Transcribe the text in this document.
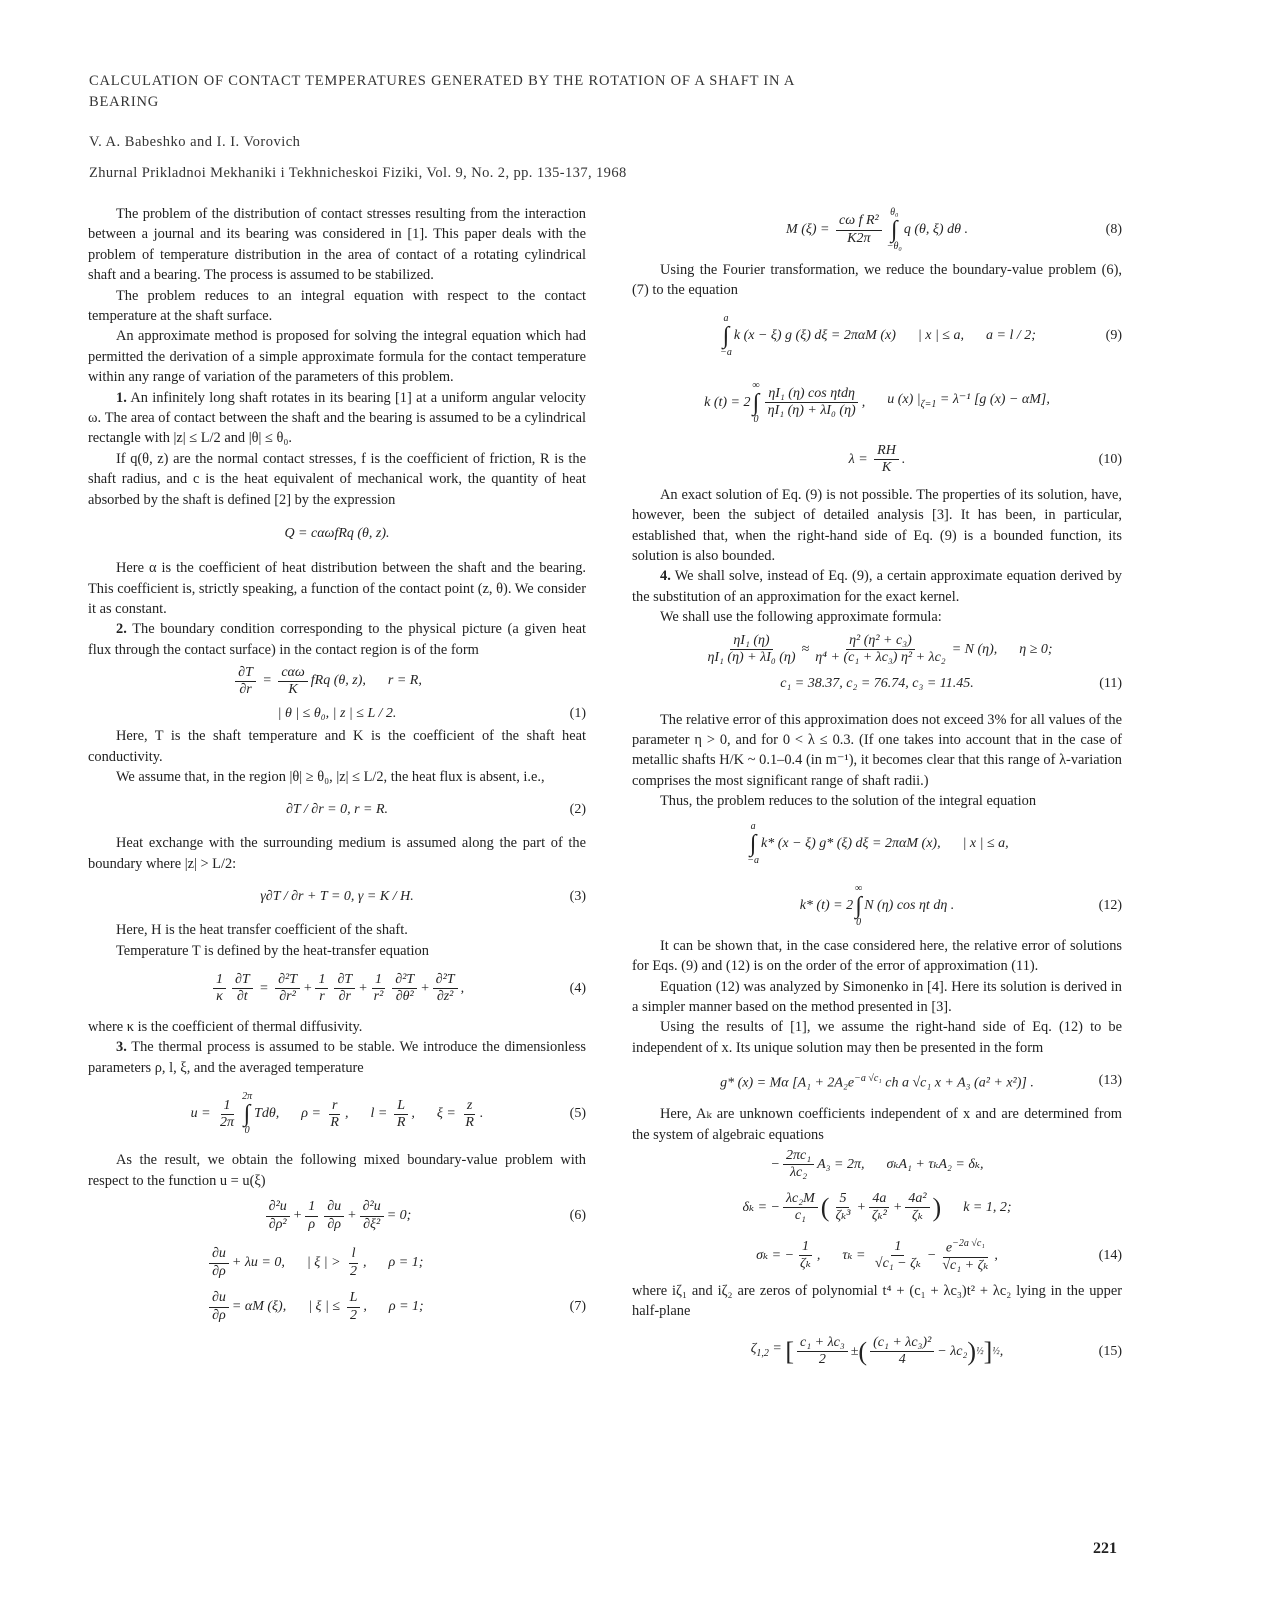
CALCULATION OF CONTACT TEMPERATURES GENERATED BY THE ROTATION OF A SHAFT IN A BEARING
V. A. Babeshko and I. I. Vorovich
Zhurnal Prikladnoi Mekhaniki i Tekhnicheskoi Fiziki, Vol. 9, No. 2, pp. 135-137, 1968

The problem of the distribution of contact stresses resulting from the interaction between a journal and its bearing was considered in [1]. This paper deals with the problem of temperature distribution in the area of contact of a rotating cylindrical shaft and a bearing. The process is assumed to be stabilized.

The problem reduces to an integral equation with respect to the contact temperature at the shaft surface.

An approximate method is proposed for solving the integral equation which had permitted the derivation of a simple approximate formula for the contact temperature within any range of variation of the parameters of this problem.

1. An infinitely long shaft rotates in its bearing [1] at a uniform angular velocity ω. The area of contact between the shaft and the bearing is assumed to be a cylindrical rectangle with |z| ≤ L/2 and |θ| ≤ θ₀.

If q(θ, z) are the normal contact stresses, f is the coefficient of friction, R is the shaft radius, and c is the heat equivalent of mechanical work, the quantity of heat absorbed by the shaft is defined [2] by the expression

Q = cαωfRq (θ, z).

Here α is the coefficient of heat distribution between the shaft and the bearing. This coefficient is, strictly speaking, a function of the contact point (z, θ). We consider it as constant.

2. The boundary condition corresponding to the physical picture (a given heat flux through the contact surface) in the contact region is of the form

$\frac{\partial T}{\partial r} = \frac{\text{cαω}}{K}$ fRq (θ, z), r = R,
| θ | ≤ θ₀, | z | ≤ L / 2.	(1)

Here, T is the shaft temperature and K is the coefficient of the shaft heat conductivity.

We assume that, in the region |θ| ≥ θ₀, |z| ≤ L/2, the heat flux is absent, i.e.,

∂T / ∂r = 0, r = R.	(2)

Heat exchange with the surrounding medium is assumed along the part of the boundary where |z| > L/2:

γ∂T / ∂r + T = 0, γ = K / H.	(3)

Here, H is the heat transfer coefficient of the shaft.

Temperature T is defined by the heat-transfer equation

$\frac{1}{\kappa} \frac{\partial T}{\partial t} = \frac{\text{∂²T}}{\text{∂r²}} + \frac{1}{r} \frac{\partial T}{\partial r} + \frac{1}{\text{r²}} \frac{\text{∂²T}}{\text{∂θ²}} + \frac{\text{∂²T}}{\text{∂z²}}$ ,	(4)

where κ is the coefficient of thermal diffusivity.

3. The thermal process is assumed to be stable. We introduce the dimensionless parameters ρ, l, ξ, and the averaged temperature

$u = \frac{1}{2\pi}$
2π
∫
0
Tdθ, $\rho = \frac{r}{R}$ , $l = \frac{L}{R}$ , $\xi = \frac{z}{R}$ .	(5)

As the result, we obtain the following mixed boundary-value problem with respect to the function u = u(ξ)

$\frac{\text{∂²u}}{\text{∂ρ²}} + \frac{1}{\rho} \frac{\partial u}{\partial\rho} + \frac{\text{∂²u}}{\text{∂ξ²}} = 0$;	(6)
$\frac{\partial u}{\partial\rho} + \lambda u = 0$, | ξ | > $\frac{l}{2}$ , ρ = 1;
$\frac{\partial u}{\partial\rho} = \alpha M$ (ξ), | ξ | ≤ $\frac{L}{2}$ , ρ = 1;	(7)
M $(\xi) = \frac{\text{cω f R²}}{K2\pi}$
θ₀
∫
−θ₀
q (θ, ξ) dθ .	(8)

Using the Fourier transformation, we reduce the boundary-value problem (6), (7) to the equation

a
∫
−a
k (x − ξ) g (ξ) dξ = 2παM (x) | x | ≤ a, a = l / 2;	(9)
k (t) = 2
∞
∫
$0 \frac{\text{ηI₁ (η) cos ηtdη}}{\text{ηI₁ (η) + λI₀ (η)}}$ , u (x) $|_{\zeta=1} = \lambda^{-1}$ [g (x) − αM],
$\lambda = \frac{RH}{K}$ .	(10)

An exact solution of Eq. (9) is not possible. The properties of its solution, have, however, been the subject of detailed analysis [3]. It has been, in particular, established that, when the right-hand side of Eq. (9) is a bounded function, its solution is also bounded.

4. We shall solve, instead of Eq. (9), a certain approximate equation derived by the substitution of an approximation for the exact kernel.

We shall use the following approximate formula:

$\frac{\text{ηI₁ (η)}}{\text{ηI₁ (η) + λI₀ (η)}} \approx \frac{\text{η² (η² + c₃)}}{\text{η⁴ + (c₁ + λc₃) η² + λc₂}} = N$ (η), η ≥ 0;
c₁ = 38.37, c₂ = 76.74, c₃ = 11.45.	(11)

The relative error of this approximation does not exceed 3% for all values of the parameter η > 0, and for 0 < λ ≤ 0.3. (If one takes into account that in the case of metallic shafts H/K ~ 0.1–0.4 (in m⁻¹), it becomes clear that this range of λ-variation comprises the most significant range of shaft radii.)

Thus, the problem reduces to the solution of the integral equation

a
∫
−a
k* (x − ξ) g* (ξ) dξ = 2παM (x), | x | ≤ a,
k* (t) = 2
∞
∫
0
N (η) cos ηt dη .	(12)

It can be shown that, in the case considered here, the relative error of solutions for Eqs. (9) and (12) is on the order of the error of approximation (11).

Equation (12) was analyzed by Simonenko in [4]. Here its solution is derived in a simpler manner based on the method presented in [3].

Using the results of [1], we assume the right-hand side of Eq. (12) to be independent of x. Its unique solution may then be presented in the form

g* (x) = Mα [$A_1 + 2A_2e^{-a √c_1}$ ch a √c₁ x + A₃ (a² + x²)] .	(13)

Here, Aₖ are unknown coefficients independent of x and are determined from the system of algebraic equations

− $\frac{\text{2πc₁}}{\text{λc₂}} A_3 = 2\pi$, σₖA₁ + τₖA₂ = δₖ,
δₖ = − $\frac{\text{λc₂M}}{\text{c₁}}$ ( $\frac{5}{\text{ζₖ³}} + \frac{4a}{\text{ζₖ²}} + \frac{\text{4a²}}{\text{ζₖ}}$ ) k = 1, 2;
σₖ = − $\frac{1}{\text{ζₖ}}$ , $\tau_k = \frac{1}{\text{√c₁ − ζₖ}} - \frac{e^{-2a √c_1}}{\text{√c₁ + ζₖ}}$ ,	(14)

where iζ₁ and iζ₂ are zeros of polynomial t⁴ + (c₁ + λc₃)t² + λc₂ lying in the upper half-plane

$\zeta_{1,2}$ = [ $\frac{\text{c₁ + λc₃}}{2}$ ± ( $\frac{\text{(c₁ + λc₃)²}}{4} - \lambda c_2$ ) ½ ] ½ ,	(15)
221
